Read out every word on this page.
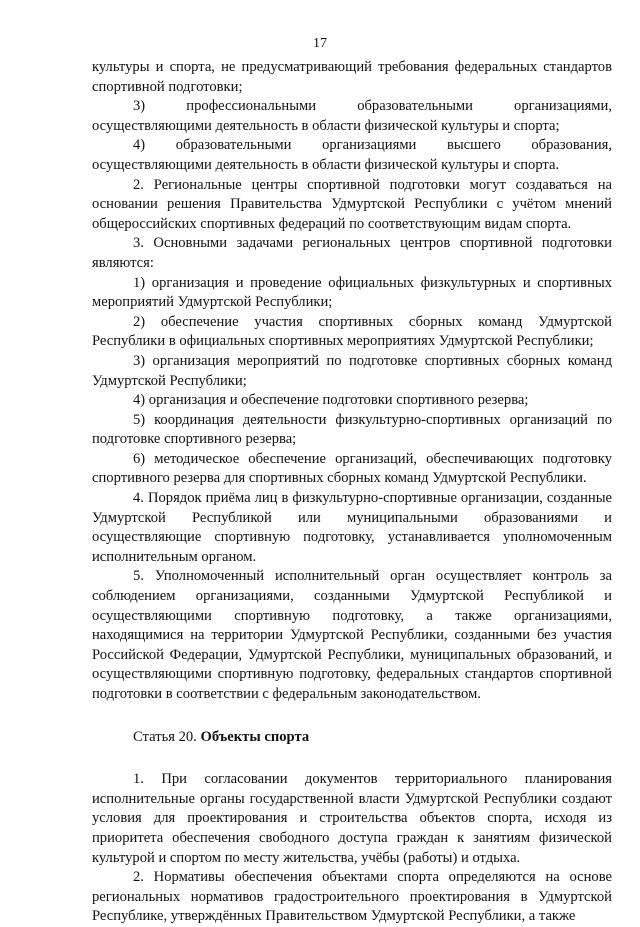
17

культуры и спорта, не предусматривающий требования федеральных стандартов спортивной подготовки;

3) профессиональными образовательными организациями, осуществляющими деятельность в области физической культуры и спорта;

4) образовательными организациями высшего образования, осуществляющими деятельность в области физической культуры и спорта.

2. Региональные центры спортивной подготовки могут создаваться на основании решения Правительства Удмуртской Республики с учётом мнений общероссийских спортивных федераций по соответствующим видам спорта.

3. Основными задачами региональных центров спортивной подготовки являются:

1) организация и проведение официальных физкультурных и спортивных мероприятий Удмуртской Республики;

2) обеспечение участия спортивных сборных команд Удмуртской Республики в официальных спортивных мероприятиях Удмуртской Республики;

3) организация мероприятий по подготовке спортивных сборных команд Удмуртской Республики;

4) организация и обеспечение подготовки спортивного резерва;

5) координация деятельности физкультурно-спортивных организаций по подготовке спортивного резерва;

6) методическое обеспечение организаций, обеспечивающих подготовку спортивного резерва для спортивных сборных команд Удмуртской Республики.

4. Порядок приёма лиц в физкультурно-спортивные организации, созданные Удмуртской Республикой или муниципальными образованиями и осуществляющие спортивную подготовку, устанавливается уполномоченным исполнительным органом.

5. Уполномоченный исполнительный орган осуществляет контроль за соблюдением организациями, созданными Удмуртской Республикой и осуществляющими спортивную подготовку, а также организациями, находящимися на территории Удмуртской Республики, созданными без участия Российской Федерации, Удмуртской Республики, муниципальных образований, и осуществляющими спортивную подготовку, федеральных стандартов спортивной подготовки в соответствии с федеральным законодательством.

Статья 20. Объекты спорта

1. При согласовании документов территориального планирования исполнительные органы государственной власти Удмуртской Республики создают условия для проектирования и строительства объектов спорта, исходя из приоритета обеспечения свободного доступа граждан к занятиям физической культурой и спортом по месту жительства, учёбы (работы) и отдыха.

2. Нормативы обеспечения объектами спорта определяются на основе региональных нормативов градостроительного проектирования в Удмуртской Республике, утверждённых Правительством Удмуртской Республики, а также
